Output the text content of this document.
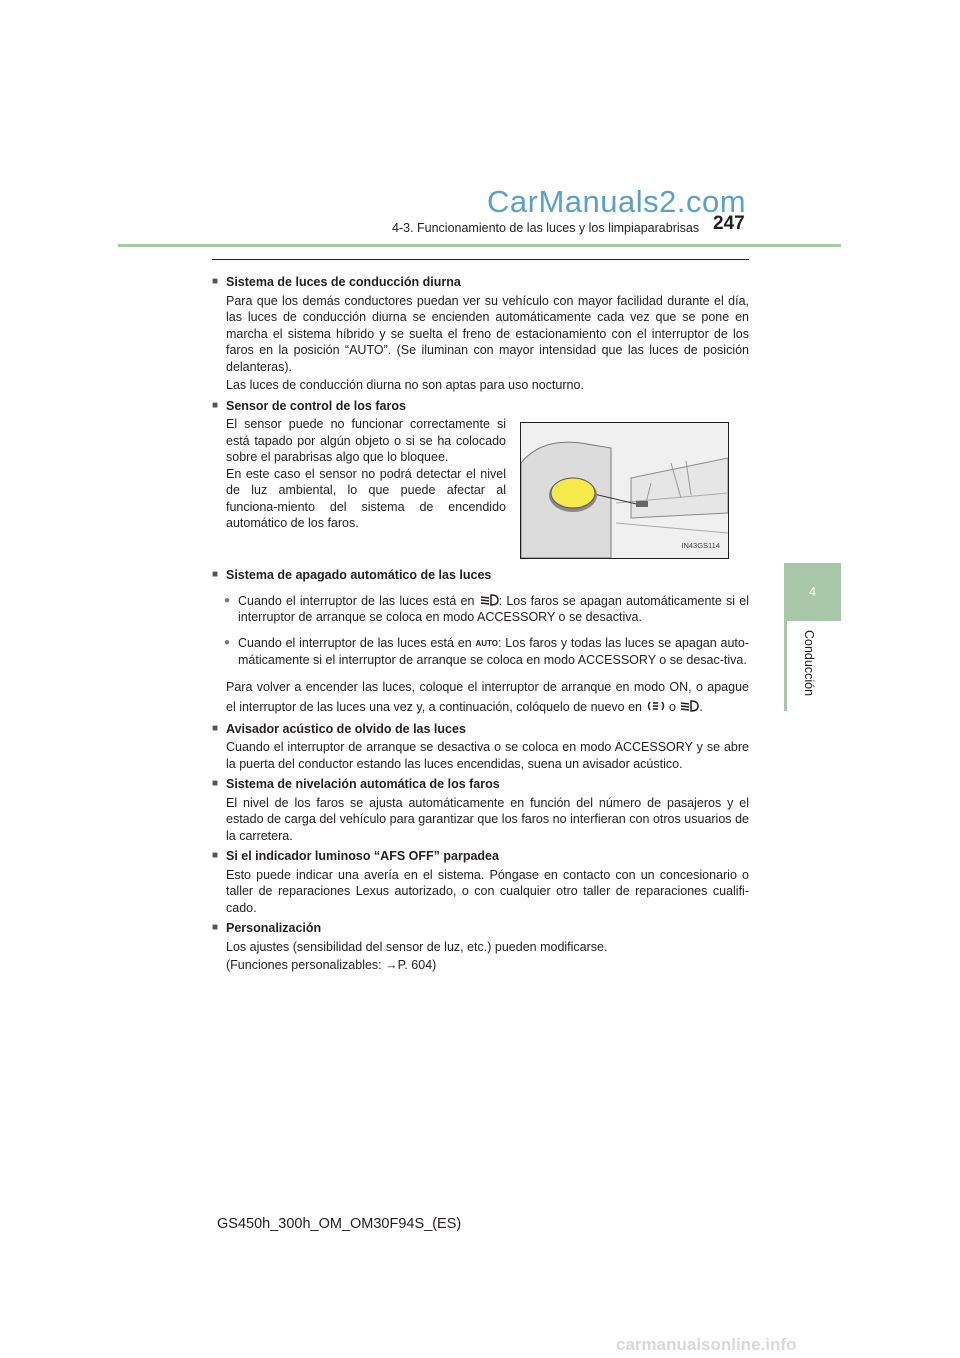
CarManuals2.com
4-3. Funcionamiento de las luces y los limpiaparabrisas 247
4
Conducción
■ Sistema de luces de conducción diurna
Para que los demás conductores puedan ver su vehículo con mayor facilidad durante el día, las luces de conducción diurna se encienden automáticamente cada vez que se pone en marcha el sistema híbrido y se suelta el freno de estacionamiento con el interruptor de los faros en la posición “AUTO”. (Se iluminan con mayor intensidad que las luces de posición delanteras).
Las luces de conducción diurna no son aptas para uso nocturno.
■ Sensor de control de los faros
El sensor puede no funcionar correctamente si está tapado por algún objeto o si se ha colocado sobre el parabrisas algo que lo bloquee.
En este caso el sensor no podrá detectar el nivel de luz ambiental, lo que puede afectar al funciona-miento del sistema de encendido automático de los faros.
IN43GS114
■ Sistema de apagado automático de las luces
● Cuando el interruptor de las luces está en : Los faros se apagan automáticamente si el interruptor de arranque se coloca en modo ACCESSORY o se desactiva.
● Cuando el interruptor de las luces está en AUTO: Los faros y todas las luces se apagan auto-máticamente si el interruptor de arranque se coloca en modo ACCESSORY o se desac-tiva.
Para volver a encender las luces, coloque el interruptor de arranque en modo ON, o apague el interruptor de las luces una vez y, a continuación, colóquelo de nuevo en o .
■ Avisador acústico de olvido de las luces
Cuando el interruptor de arranque se desactiva o se coloca en modo ACCESSORY y se abre la puerta del conductor estando las luces encendidas, suena un avisador acústico.
■ Sistema de nivelación automática de los faros
El nivel de los faros se ajusta automáticamente en función del número de pasajeros y el estado de carga del vehículo para garantizar que los faros no interfieran con otros usuarios de la carretera.
■ Si el indicador luminoso “AFS OFF” parpadea
Esto puede indicar una avería en el sistema. Póngase en contacto con un concesionario o taller de reparaciones Lexus autorizado, o con cualquier otro taller de reparaciones cualifi-cado.
■ Personalización
Los ajustes (sensibilidad del sensor de luz, etc.) pueden modificarse.
(Funciones personalizables: →P. 604)
GS450h_300h_OM_OM30F94S_(ES)
carmanualsonline.info
